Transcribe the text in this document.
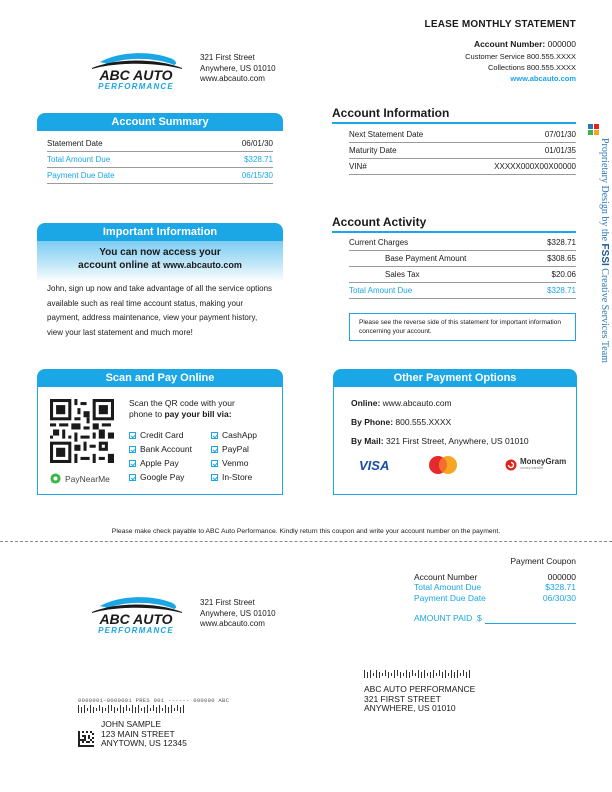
ABC AUTO
PERFORMANCE
321 First Street
Anywhere, US 01010
www.abcauto.com
LEASE MONTHLY STATEMENT
Account Number: 000000
Customer Service 800.555.XXXX
Collections 800.555.XXXX
www.abcauto.com
Account Summary
Statement Date	06/01/30
Total Amount Due	$328.71
Payment Due Date	06/15/30
Account Information
Next Statement Date	07/01/30
Maturity Date	01/01/35
VIN#	XXXXX000X00X00000
Account Activity
Current Charges	$328.71
Base Payment Amount	$308.65
Sales Tax	$20.06
Total Amount Due	$328.71
Please see the reverse side of this statement for important information concerning your account.
Important Information
You can now access your
account online at www.abcauto.com
John, sign up now and take advantage of all the service options available such as real time account status, making your payment, address maintenance, view your payment history, view your last statement and much more!
Scan and Pay Online
PayNearMe
Scan the QR code with your
phone to pay your bill via:
Credit Card	CashApp
Bank Account	PayPal
Apple Pay	Venmo
Google Pay	In-Store
Other Payment Options
Online: www.abcauto.com
By Phone: 800.555.XXXX
By Mail: 321 First Street, Anywhere, US 01010
VISA	MoneyGram
money transfer
Proprietary Design by the FSSI Creative Services Team
Please make check payable to ABC Auto Performance. Kindly return this coupon and write your account number on the payment.
ABC AUTO
PERFORMANCE
321 First Street
Anywhere, US 01010
www.abcauto.com
Payment Coupon
Account Number	000000
Total Amount Due	$328.71
Payment Due Date	06/30/30
AMOUNT PAID  $
0000001-0000001 PRES 001 ------ 000000 ABC
JOHN SAMPLE
123 MAIN STREET
ANYTOWN, US 12345
ABC AUTO PERFORMANCE
321 FIRST STREET
ANYWHERE, US 01010
